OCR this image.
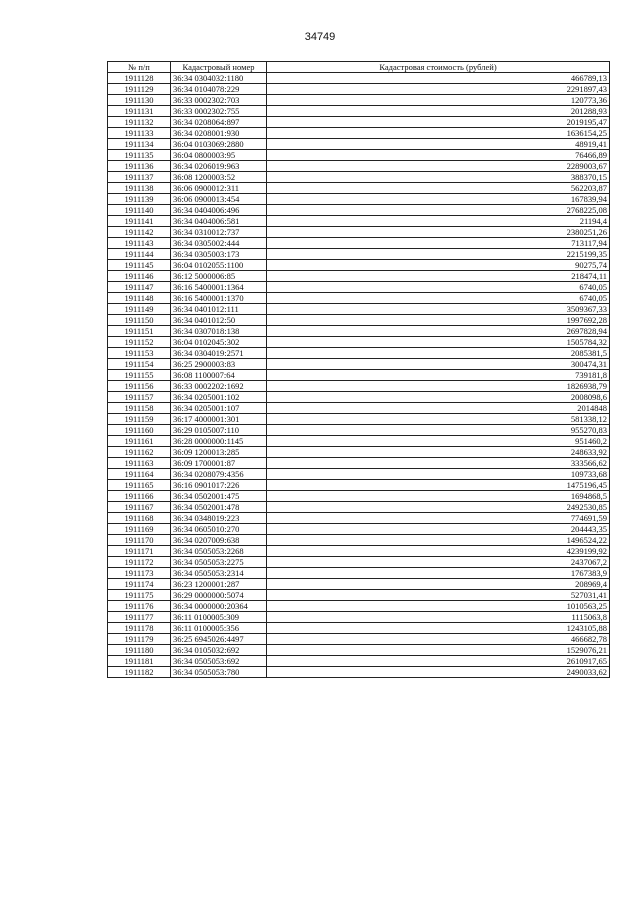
34749
№ п/п	Кадастровый номер	Кадастровая стоимость (рублей)
1911128	36:34 0304032:1180	466789,13
1911129	36:34 0104078:229	2291897,43
1911130	36:33 0002302:703	120773,36
1911131	36:33 0002302:755	201288,93
1911132	36:34 0208064:897	2019195,47
1911133	36:34 0208001:930	1636154,25
1911134	36:04 0103069:2880	48919,41
1911135	36:04 0800003:95	76466,89
1911136	36:34 0206019:963	2289003,67
1911137	36:08 1200003:52	388370,15
1911138	36:06 0900012:311	562203,87
1911139	36:06 0900013:454	167839,94
1911140	36:34 0404006:496	2768225,08
1911141	36:34 0404006:581	21194,4
1911142	36:34 0310012:737	2380251,26
1911143	36:34 0305002:444	713117,94
1911144	36:34 0305003:173	2215199,35
1911145	36:04 0102055:1100	90275,74
1911146	36:12 5000006:85	218474,11
1911147	36:16 5400001:1364	6740,05
1911148	36:16 5400001:1370	6740,05
1911149	36:34 0401012:111	3509367,33
1911150	36:34 0401012:50	1997692,28
1911151	36:34 0307018:138	2697828,94
1911152	36:04 0102045:302	1505784,32
1911153	36:34 0304019:2571	2085381,5
1911154	36:25 2900003:83	300474,31
1911155	36:08 1100007:64	739181,8
1911156	36:33 0002202:1692	1826938,79
1911157	36:34 0205001:102	2008098,6
1911158	36:34 0205001:107	2014848
1911159	36:17 4000001:301	581338,12
1911160	36:29 0105007:110	955270,83
1911161	36:28 0000000:1145	951460,2
1911162	36:09 1200013:285	248633,92
1911163	36:09 1700001:87	333566,62
1911164	36:34 0208079:4356	109733,68
1911165	36:16 0901017:226	1475196,45
1911166	36:34 0502001:475	1694868,5
1911167	36:34 0502001:478	2492530,85
1911168	36:34 0348019:223	774691,59
1911169	36:34 0605010:270	204443,35
1911170	36:34 0207009:638	1496524,22
1911171	36:34 0505053:2268	4239199,92
1911172	36:34 0505053:2275	2437067,2
1911173	36:34 0505053:2314	1767383,9
1911174	36:23 1200001:287	208969,4
1911175	36:29 0000000:5074	527031,41
1911176	36:34 0000000:20364	1010563,25
1911177	36:11 0100005:309	1115063,8
1911178	36:11 0100005:356	1243105,88
1911179	36:25 6945026:4497	466682,78
1911180	36:34 0105032:692	1529076,21
1911181	36:34 0505053:692	2610917,65
1911182	36:34 0505053:780	2490033,62
